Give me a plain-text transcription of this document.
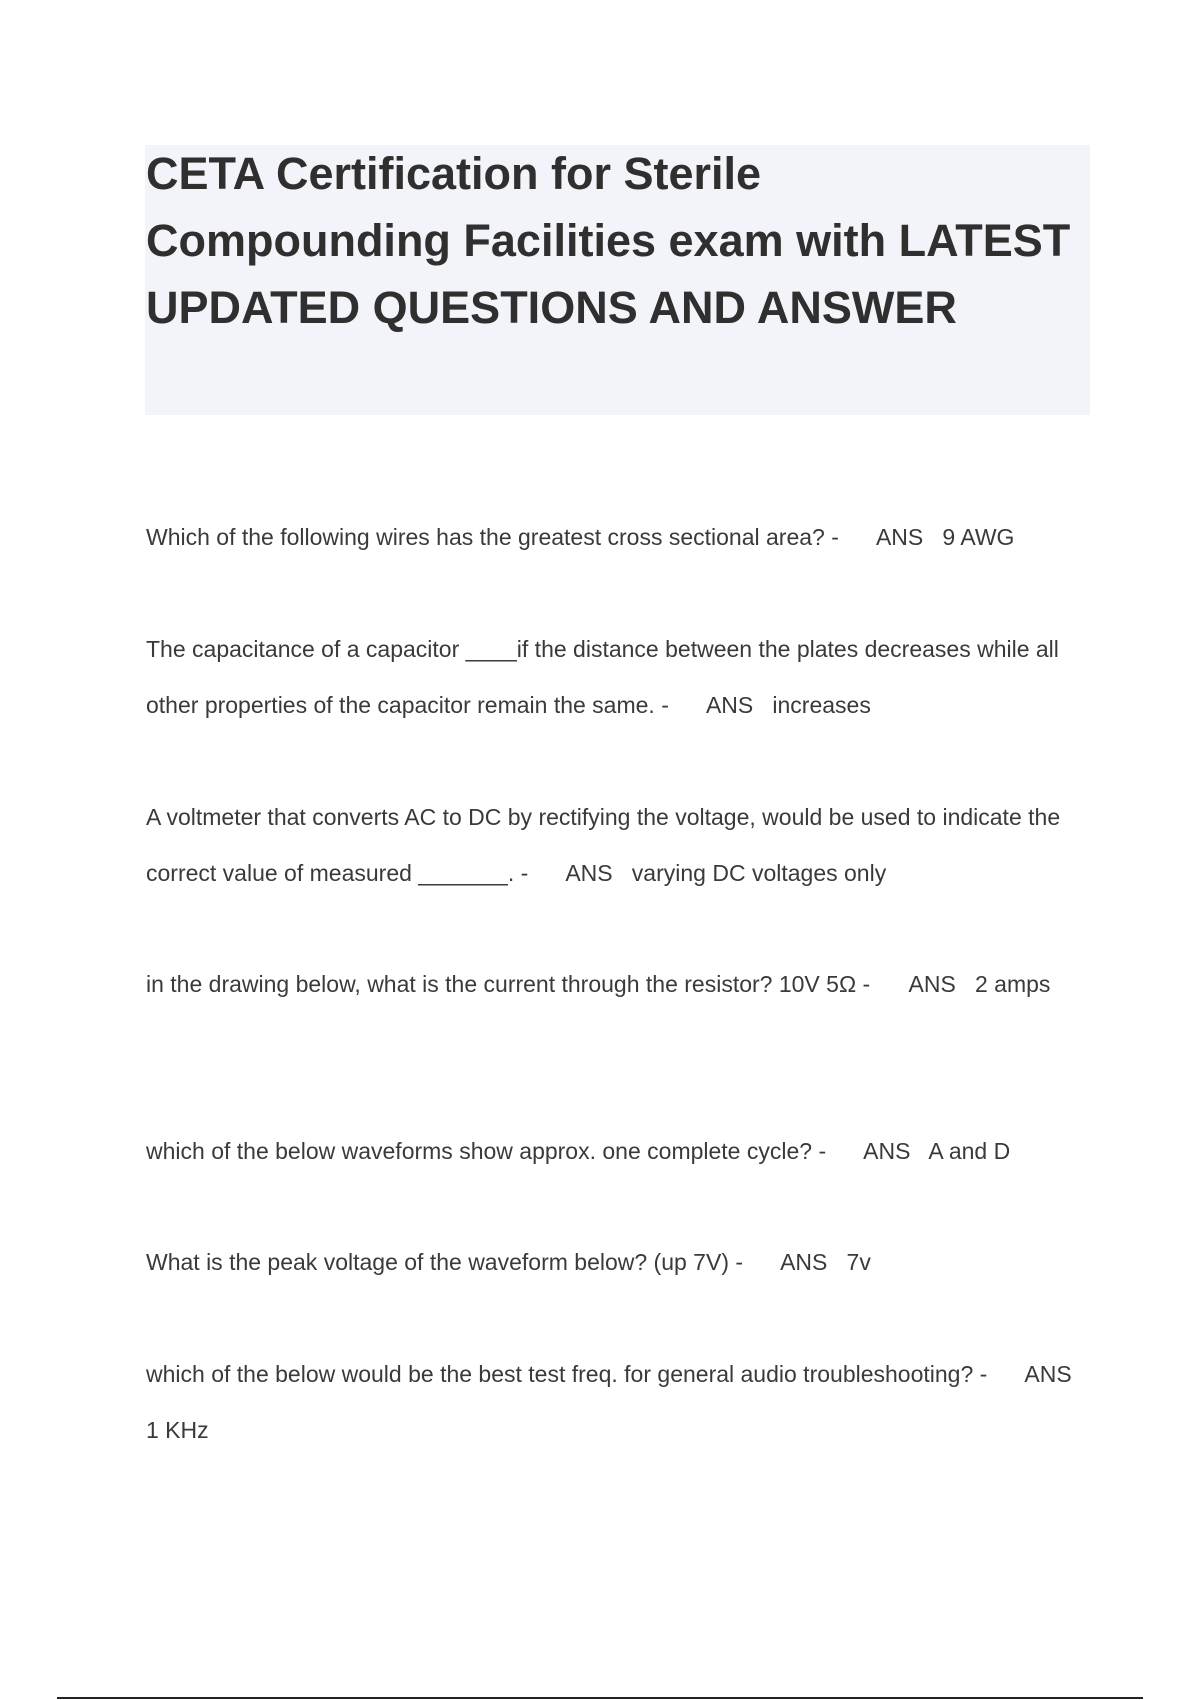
CETA Certification for Sterile Compounding Facilities exam with LATEST UPDATED QUESTIONS AND ANSWER

Which of the following wires has the greatest cross sectional area? -      ANS   9 AWG

The capacitance of a capacitor ____if the distance between the plates decreases while all other properties of the capacitor remain the same. -      ANS   increases

A voltmeter that converts AC to DC by rectifying the voltage, would be used to indicate the correct value of measured _______. -      ANS   varying DC voltages only

in the drawing below, what is the current through the resistor? 10V 5Ω -      ANS   2 amps

which of the below waveforms show approx. one complete cycle? -      ANS   A and D

What is the peak voltage of the waveform below? (up 7V) -      ANS   7v

which of the below would be the best test freq. for general audio troubleshooting? -      ANS   1 KHz
